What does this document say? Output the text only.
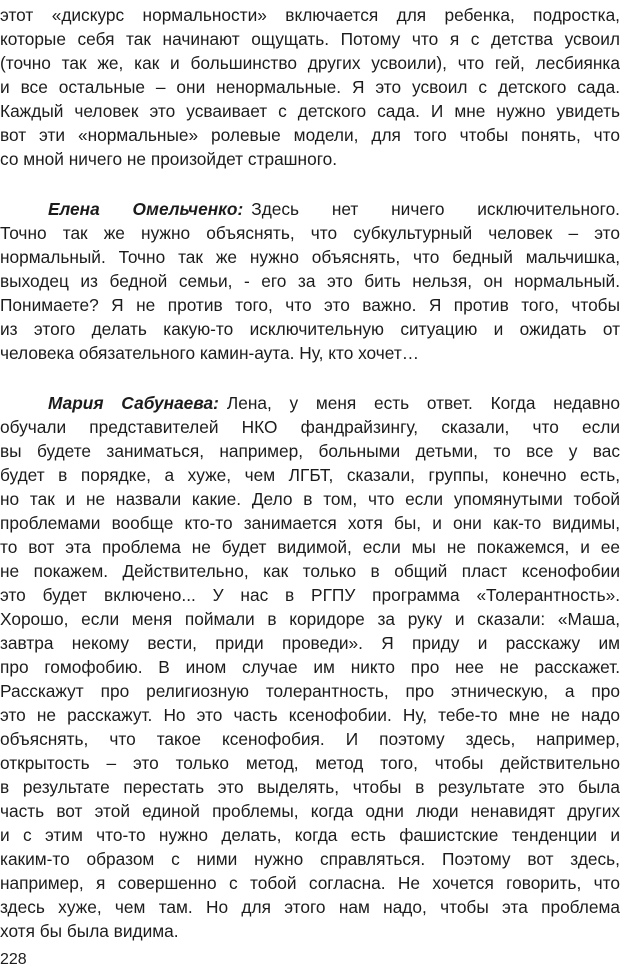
этот «дискурс нормальности» включается для ребенка, подростка,
которые себя так начинают ощущать. Потому что я с детства усвоил
(точно так же, как и большинство других усвоили), что гей, лесбиянка
и все остальные – они ненормальные. Я это усвоил с детского сада.
Каждый человек это усваивает с детского сада. И мне нужно увидеть
вот эти «нормальные» ролевые модели, для того чтобы понять, что
со мной ничего не произойдет страшного.
Елена Омельченко: Здесь нет ничего исключительного.
Точно так же нужно объяснять, что субкультурный человек – это
нормальный. Точно так же нужно объяснять, что бедный мальчишка,
выходец из бедной семьи, - его за это бить нельзя, он нормальный.
Понимаете? Я не против того, что это важно. Я против того, чтобы
из этого делать какую-то исключительную ситуацию и ожидать от
человека обязательного камин-аута. Ну, кто хочет…
Мария Сабунаева: Лена, у меня есть ответ. Когда недавно
обучали представителей НКО фандрайзингу, сказали, что если
вы будете заниматься, например, больными детьми, то все у вас
будет в порядке, а хуже, чем ЛГБТ, сказали, группы, конечно есть,
но так и не назвали какие. Дело в том, что если упомянутыми тобой
проблемами вообще кто-то занимается хотя бы, и они как-то видимы,
то вот эта проблема не будет видимой, если мы не покажемся, и ее
не покажем. Действительно, как только в общий пласт ксенофобии
это будет включено... У нас в РГПУ программа «Толерантность».
Хорошо, если меня поймали в коридоре за руку и сказали: «Маша,
завтра некому вести, приди проведи». Я приду и расскажу им
про гомофобию. В ином случае им никто про нее не расскажет.
Расскажут про религиозную толерантность, про этническую, а про
это не расскажут. Но это часть ксенофобии. Ну, тебе-то мне не надо
объяснять, что такое ксенофобия. И поэтому здесь, например,
открытость – это только метод, метод того, чтобы действительно
в результате перестать это выделять, чтобы в результате это была
часть вот этой единой проблемы, когда одни люди ненавидят других
и с этим что-то нужно делать, когда есть фашистские тенденции и
каким-то образом с ними нужно справляться. Поэтому вот здесь,
например, я совершенно с тобой согласна. Не хочется говорить, что
здесь хуже, чем там. Но для этого нам надо, чтобы эта проблема
хотя бы была видима.
228
